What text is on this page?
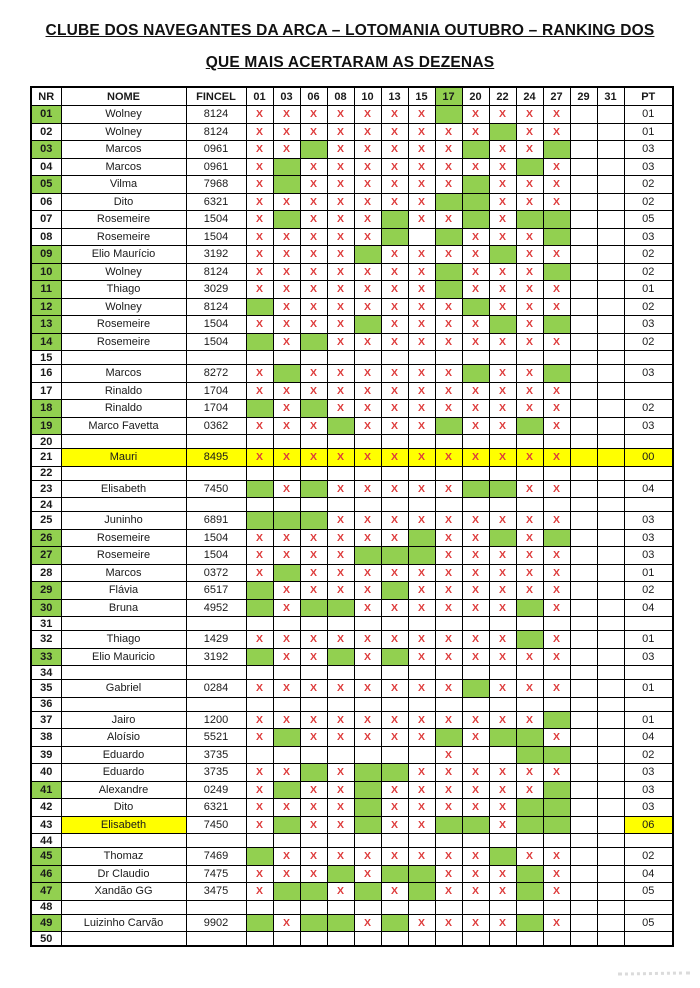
CLUBE DOS NAVEGANTES DA ARCA – LOTOMANIA OUTUBRO – RANKING DOS
QUE MAIS ACERTARAM AS DEZENAS
NR	NOME	FINCEL	01	03	06	08	10	13	15	17	20	22	24	27	29	31	PT
01	Wolney	8124	X	X	X	X	X	X	X		X	X	X	X			01
02	Wolney	8124	X	X	X	X	X	X	X	X	X		X	X			01
03	Marcos	0961	X	X		X	X	X	X	X		X	X				03
04	Marcos	0961	X		X	X	X	X	X	X	X	X		X			03
05	Vilma	7968	X		X	X	X	X	X	X		X	X	X			02
06	Dito	6321	X	X	X	X	X	X	X			X	X	X			02
07	Rosemeire	1504	X		X	X	X		X	X		X					05
08	Rosemeire	1504	X	X	X	X	X				X	X	X				03
09	Elio Maurício	3192	X	X	X	X		X	X	X	X		X	X			02
10	Wolney	8124	X	X	X	X	X	X	X		X	X	X				02
11	Thiago	3029	X	X	X	X	X	X	X		X	X	X	X			01
12	Wolney	8124		X	X	X	X	X	X	X		X	X	X			02
13	Rosemeire	1504	X	X	X	X		X	X	X	X		X				03
14	Rosemeire	1504		X		X	X	X	X	X	X	X	X	X			02
15																	
16	Marcos	8272	X		X	X	X	X	X	X		X	X				03
17	Rinaldo	1704	X	X	X	X	X	X	X	X	X	X	X	X			
18	Rinaldo	1704		X		X	X	X	X	X	X	X	X	X			02
19	Marco Favetta	0362	X	X	X		X	X	X		X	X		X			03
20																	
21	Mauri	8495	X	X	X	X	X	X	X	X	X	X	X	X			00
22																	
23	Elisabeth	7450		X		X	X	X	X	X			X	X			04
24																	
25	Juninho	6891				X	X	X	X	X	X	X	X	X			03
26	Rosemeire	1504	X	X	X	X	X	X		X	X		X				03
27	Rosemeire	1504	X	X	X	X				X	X	X	X	X			03
28	Marcos	0372	X		X	X	X	X	X	X	X	X	X	X			01
29	Flávia	6517		X	X	X	X		X	X	X	X	X	X			02
30	Bruna	4952		X			X	X	X	X	X	X		X			04
31																	
32	Thiago	1429	X	X	X	X	X	X	X	X	X	X		X			01
33	Elio Mauricio	3192		X	X		X		X	X	X	X	X	X			03
34																	
35	Gabriel	0284	X	X	X	X	X	X	X	X		X	X	X			01
36																	
37	Jairo	1200	X	X	X	X	X	X	X	X	X	X	X				01
38	Aloísio	5521	X		X	X	X	X	X		X			X			04
39	Eduardo	3735								X							02
40	Eduardo	3735	X	X		X			X	X	X	X	X	X			03
41	Alexandre	0249	X		X	X		X	X	X	X	X	X				03
42	Dito	6321	X	X	X	X		X	X	X	X	X					03
43	Elisabeth	7450	X		X	X		X	X			X					06
44																	
45	Thomaz	7469		X	X	X	X	X	X	X	X		X	X			02
46	Dr Claudio	7475	X	X	X		X			X	X	X		X			04
47	Xandão GG	3475	X			X		X		X	X	X		X			05
48																	
49	Luizinho Carvão	9902		X			X		X	X	X	X		X			05
50																	
